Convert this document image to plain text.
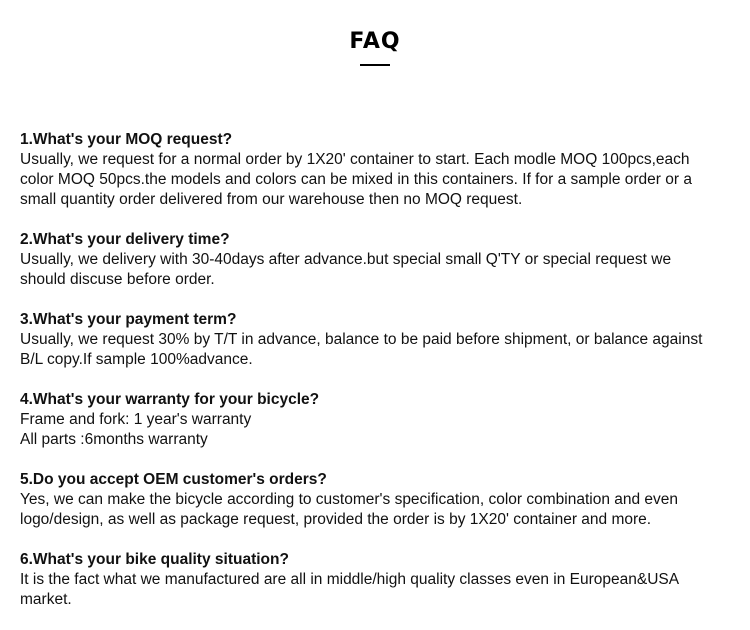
FAQ
1.What's your MOQ request?
Usually, we request for a normal order by 1X20' container to start. Each modle MOQ 100pcs,each
color MOQ 50pcs.the models and colors can be mixed in this containers. If for a sample order or a
small quantity order delivered from our warehouse then no MOQ request.
2.What's your delivery time?
Usually, we delivery with 30-40days after advance.but special small Q'TY or special request we
should discuse before order.
3.What's your payment term?
Usually, we request 30% by T/T in advance, balance to be paid before shipment, or balance against
B/L copy.If sample 100%advance.
4.What's your warranty for your bicycle?
Frame and fork: 1 year's warranty
All parts :6months warranty
5.Do you accept OEM customer's orders?
Yes, we can make the bicycle according to customer's specification, color combination and even
logo/design, as well as package request, provided the order is by 1X20' container and more.
6.What's your bike quality situation?
It is the fact what we manufactured are all in middle/high quality classes even in European&USA
market.
